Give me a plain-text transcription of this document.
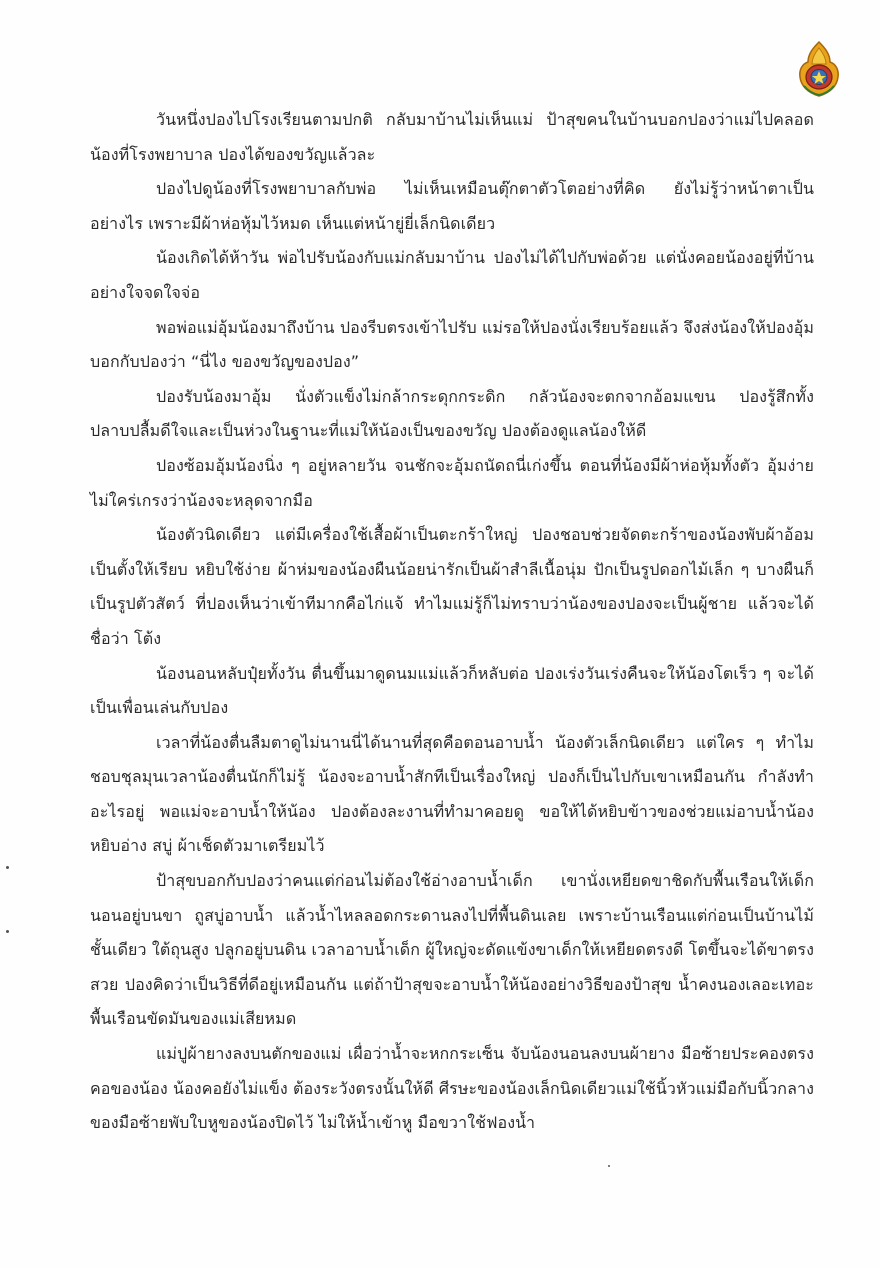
วันหนึ่งปองไปโรงเรียนตามปกติ กลับมาบ้านไม่เห็นแม่ ป้าสุขคนในบ้านบอกปองว่าแม่ไปคลอดน้องที่โรงพยาบาล ปองได้ของขวัญแล้วละ

ปองไปดูน้องที่โรงพยาบาลกับพ่อ ไม่เห็นเหมือนตุ๊กตาตัวโตอย่างที่คิด ยังไม่รู้ว่าหน้าตาเป็นอย่างไร เพราะมีผ้าห่อหุ้มไว้หมด เห็นแต่หน้ายู่ยี่เล็กนิดเดียว

น้องเกิดได้ห้าวัน พ่อไปรับน้องกับแม่กลับมาบ้าน ปองไม่ได้ไปกับพ่อด้วย แต่นั่งคอยน้องอยู่ที่บ้านอย่างใจจดใจจ่อ

พอพ่อแม่อุ้มน้องมาถึงบ้าน ปองรีบตรงเข้าไปรับ แม่รอให้ปองนั่งเรียบร้อยแล้ว จึงส่งน้องให้ปองอุ้ม บอกกับปองว่า “นี่ไง ของขวัญของปอง”

ปองรับน้องมาอุ้ม นั่งตัวแข็งไม่กล้ากระดุกกระดิก กลัวน้องจะตกจากอ้อมแขน ปองรู้สึกทั้งปลาบปลื้มดีใจและเป็นห่วงในฐานะที่แม่ให้น้องเป็นของขวัญ ปองต้องดูแลน้องให้ดี

ปองซ้อมอุ้มน้องนิ่ง ๆ อยู่หลายวัน จนชักจะอุ้มถนัดถนี่เก่งขึ้น ตอนที่น้องมีผ้าห่อหุ้มทั้งตัว อุ้มง่าย ไม่ใคร่เกรงว่าน้องจะหลุดจากมือ

น้องตัวนิดเดียว แต่มีเครื่องใช้เสื้อผ้าเป็นตะกร้าใหญ่ ปองชอบช่วยจัดตะกร้าของน้องพับผ้าอ้อมเป็นตั้งให้เรียบ หยิบใช้ง่าย ผ้าห่มของน้องผืนน้อยน่ารักเป็นผ้าสำลีเนื้อนุ่ม ปักเป็นรูปดอกไม้เล็ก ๆ บางผืนก็เป็นรูปตัวสัตว์ ที่ปองเห็นว่าเข้าทีมากคือไก่แจ้ ทำไมแม่รู้ก็ไม่ทราบว่าน้องของปองจะเป็นผู้ชาย แล้วจะได้ชื่อว่า โต้ง

น้องนอนหลับปุ๋ยทั้งวัน ตื่นขึ้นมาดูดนมแม่แล้วก็หลับต่อ ปองเร่งวันเร่งคืนจะให้น้องโตเร็ว ๆ จะได้เป็นเพื่อนเล่นกับปอง

เวลาที่น้องตื่นลืมตาดูไม่นานนี่ได้นานที่สุดคือตอนอาบน้ำ น้องตัวเล็กนิดเดียว แต่ใคร ๆ ทำไมชอบชุลมุนเวลาน้องตื่นนักก็ไม่รู้ น้องจะอาบน้ำสักทีเป็นเรื่องใหญ่ ปองก็เป็นไปกับเขาเหมือนกัน กำลังทำอะไรอยู่ พอแม่จะอาบน้ำให้น้อง ปองต้องละงานที่ทำมาคอยดู ขอให้ได้หยิบข้าวของช่วยแม่อาบน้ำน้อง หยิบอ่าง สบู่ ผ้าเช็ดตัวมาเตรียมไว้

ป้าสุขบอกกับปองว่าคนแต่ก่อนไม่ต้องใช้อ่างอาบน้ำเด็ก เขานั่งเหยียดขาชิดกับพื้นเรือนให้เด็กนอนอยู่บนขา ถูสบู่อาบน้ำ แล้วน้ำไหลลอดกระดานลงไปที่พื้นดินเลย เพราะบ้านเรือนแต่ก่อนเป็นบ้านไม้ชั้นเดียว ใต้ถุนสูง ปลูกอยู่บนดิน เวลาอาบน้ำเด็ก ผู้ใหญ่จะดัดแข้งขาเด็กให้เหยียดตรงดี โตขึ้นจะได้ขาตรงสวย ปองคิดว่าเป็นวิธีที่ดีอยู่เหมือนกัน แต่ถ้าป้าสุขจะอาบน้ำให้น้องอย่างวิธีของป้าสุข น้ำคงนองเลอะเทอะพื้นเรือนขัดมันของแม่เสียหมด

แม่ปูผ้ายางลงบนตักของแม่ เผื่อว่าน้ำจะหกกระเซ็น จับน้องนอนลงบนผ้ายาง มือซ้ายประคองตรงคอของน้อง น้องคอยังไม่แข็ง ต้องระวังตรงนั้นให้ดี ศีรษะของน้องเล็กนิดเดียวแม่ใช้นิ้วหัวแม่มือกับนิ้วกลางของมือซ้ายพับใบหูของน้องปิดไว้ ไม่ให้น้ำเข้าหู มือขวาใช้ฟองน้ำ
